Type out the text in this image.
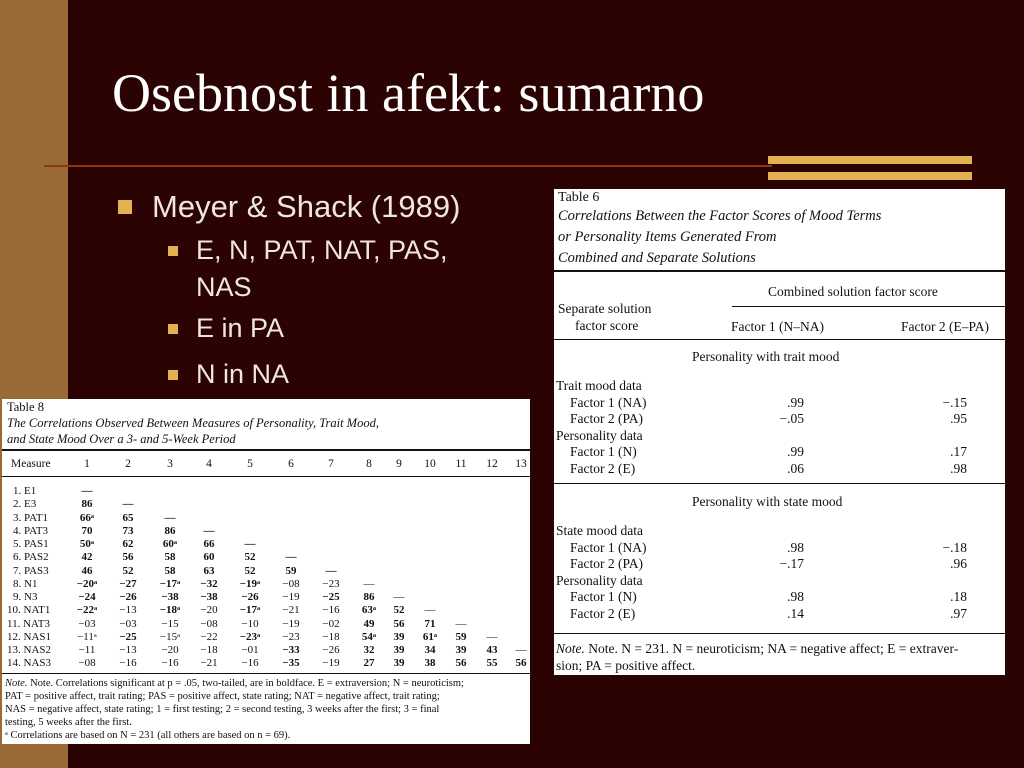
Osebnost in afekt: sumarno
Meyer & Shack (1989)
E, N, PAT, NAT, PAS, NAS
E in PA
N in NA
Table 6
Correlations Between the Factor Scores of Mood Terms
or Personality Items Generated From
Combined and Separate Solutions
Combined solution factor score
Separate solution
factor score	Factor 1 (N–NA)	Factor 2 (E–PA)
Personality with trait mood
Trait mood data
Factor 1 (NA)	.99	−.15
Factor 2 (PA)	−.05	.95
Personality data
Factor 1 (N)	.99	.17
Factor 2 (E)	.06	.98
Personality with state mood
State mood data
Factor 1 (NA)	.98	−.18
Factor 2 (PA)	−.17	.96
Personality data
Factor 1 (N)	.98	.18
Factor 2 (E)	.14	.97
Note. Note. N = 231. N = neuroticism; NA = negative affect; E = extraver-
sion; PA = positive affect.
Table 8
The Correlations Observed Between Measures of Personality, Trait Mood,
and State Mood Over a 3- and 5-Week Period
Measure	1	2	3	4	5	6	7	8	9	10	11	12	13
1. E1	—
2. E3	86	—
3. PAT1	66ᵃ	65	—
4. PAT3	70	73	86	—
5. PAS1	50ᵃ	62	60ᵃ	66	—
6. PAS2	42	56	58	60	52	—
7. PAS3	46	52	58	63	52	59	—
8. N1	−20ᵃ	−27	−17ᵃ	−32	−19ᵃ	−08	−23	—
9. N3	−24	−26	−38	−38	−26	−19	−25	86	—
10. NAT1	−22ᵃ	−13	−18ᵃ	−20	−17ᵃ	−21	−16	63ᵃ	52	—
11. NAT3	−03	−03	−15	−08	−10	−19	−02	49	56	71	—
12. NAS1	−11ᵃ	−25	−15ᵃ	−22	−23ᵃ	−23	−18	54ᵃ	39	61ᵃ	59	—
13. NAS2	−11	−13	−20	−18	−01	−33	−26	32	39	34	39	43	—
14. NAS3	−08	−16	−16	−21	−16	−35	−19	27	39	38	56	55	56
Note. Note. Correlations significant at p = .05, two-tailed, are in boldface. E = extraversion; N = neuroticism;
PAT = positive affect, trait rating; PAS = positive affect, state rating; NAT = negative affect, trait rating;
NAS = negative affect, state rating; 1 = first testing; 2 = second testing, 3 weeks after the first; 3 = final
testing, 5 weeks after the first.
ᵃ Correlations are based on N = 231 (all others are based on n = 69).
